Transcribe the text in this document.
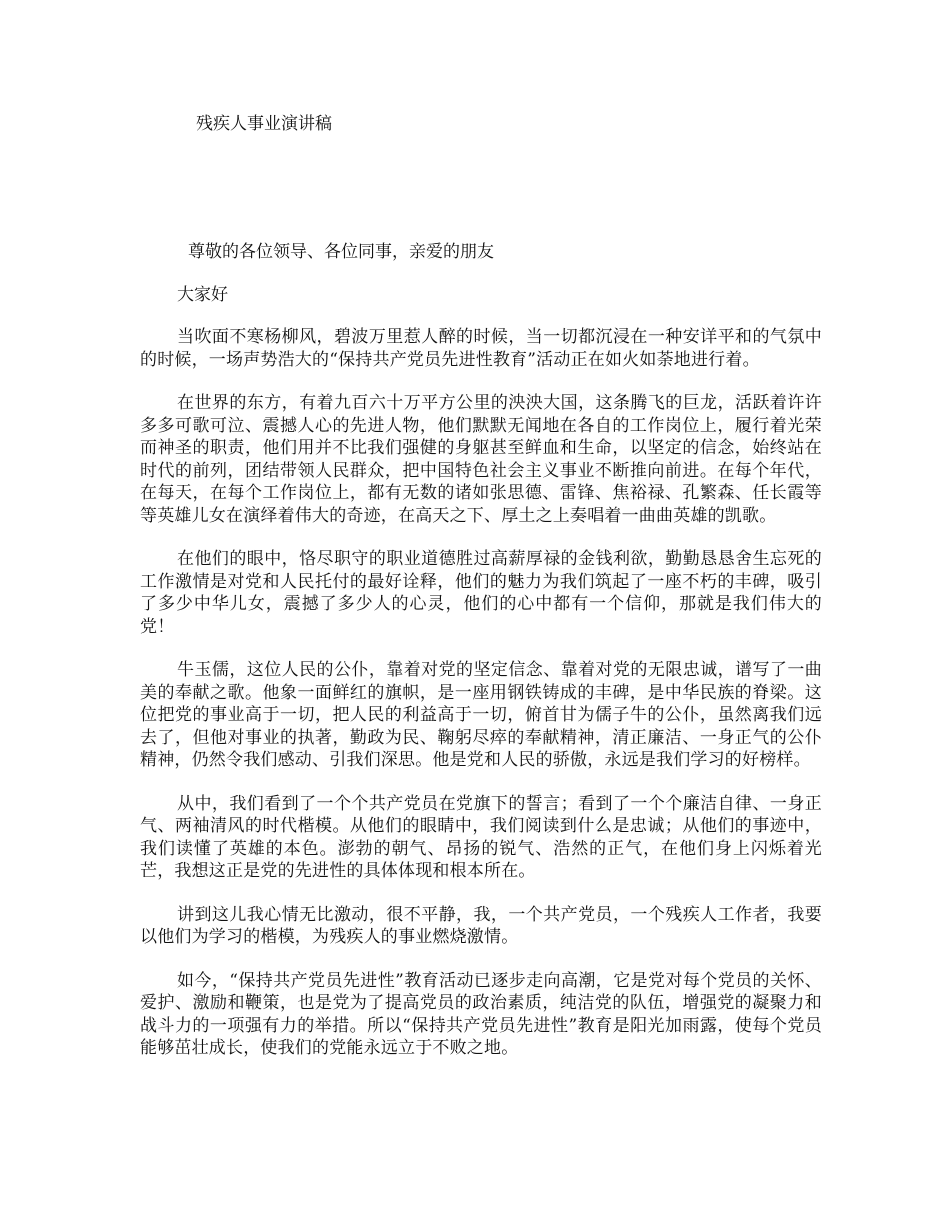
残疾人事业演讲稿
尊敬的各位领导、各位同事，亲爱的朋友
大家好

当吹面不寒杨柳风，碧波万里惹人醉的时候，当一切都沉浸在一种安详平和的气氛中的时候，一场声势浩大的“保持共产党员先进性教育”活动正在如火如荼地进行着。

在世界的东方，有着九百六十万平方公里的泱泱大国，这条腾飞的巨龙，活跃着许许多多可歌可泣、震撼人心的先进人物，他们默默无闻地在各自的工作岗位上，履行着光荣而神圣的职责，他们用并不比我们强健的身躯甚至鲜血和生命，以坚定的信念，始终站在时代的前列，团结带领人民群众，把中国特色社会主义事业不断推向前进。在每个年代，在每天，在每个工作岗位上，都有无数的诸如张思德、雷锋、焦裕禄、孔繁森、任长霞等等英雄儿女在演绎着伟大的奇迹，在高天之下、厚土之上奏唱着一曲曲英雄的凯歌。

在他们的眼中，恪尽职守的职业道德胜过高薪厚禄的金钱利欲，勤勤恳恳舍生忘死的工作激情是对党和人民托付的最好诠释，他们的魅力为我们筑起了一座不朽的丰碑，吸引了多少中华儿女，震撼了多少人的心灵，他们的心中都有一个信仰，那就是我们伟大的党！

牛玉儒，这位人民的公仆，靠着对党的坚定信念、靠着对党的无限忠诚，谱写了一曲美的奉献之歌。他象一面鲜红的旗帜，是一座用钢铁铸成的丰碑，是中华民族的脊梁。这位把党的事业高于一切，把人民的利益高于一切，俯首甘为儒子牛的公仆，虽然离我们远去了，但他对事业的执著，勤政为民、鞠躬尽瘁的奉献精神，清正廉洁、一身正气的公仆精神，仍然令我们感动、引我们深思。他是党和人民的骄傲，永远是我们学习的好榜样。

从中，我们看到了一个个共产党员在党旗下的誓言；看到了一个个廉洁自律、一身正气、两袖清风的时代楷模。从他们的眼睛中，我们阅读到什么是忠诚；从他们的事迹中，我们读懂了英雄的本色。澎勃的朝气、昂扬的锐气、浩然的正气，在他们身上闪烁着光芒，我想这正是党的先进性的具体体现和根本所在。

讲到这儿我心情无比激动，很不平静，我，一个共产党员，一个残疾人工作者，我要以他们为学习的楷模，为残疾人的事业燃烧激情。

如今，“保持共产党员先进性”教育活动已逐步走向高潮，它是党对每个党员的关怀、爱护、激励和鞭策，也是党为了提高党员的政治素质，纯洁党的队伍，增强党的凝聚力和战斗力的一项强有力的举措。所以“保持共产党员先进性”教育是阳光加雨露，使每个党员能够茁壮成长，使我们的党能永远立于不败之地。
